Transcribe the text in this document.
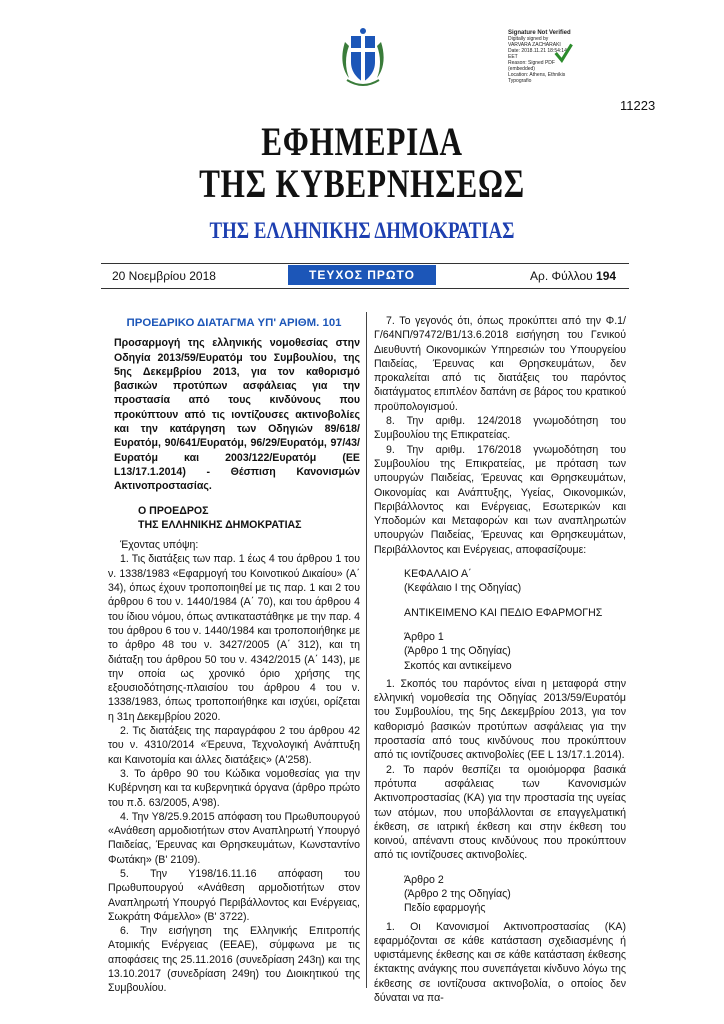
Signature Not Verified
Digitally signed by
VARVARA ZACHARAKI
Date: 2018.11.21 18:54:14
EET
Reason: Signed PDF
(embedded)
Location: Athens, Ethnikis
Typografio
11223
ΕΦΗΜΕΡΙΔΑ
ΤΗΣ ΚΥΒΕΡΝΗΣΕΩΣ
ΤΗΣ ΕΛΛΗΝΙΚΗΣ ΔΗΜΟΚΡΑΤΙΑΣ
20 Νοεμβρίου 2018	ΤΕΥΧΟΣ ΠΡΩΤΟ	Αρ. Φύλλου 194
ΠΡΟΕΔΡΙΚΟ ΔΙΑΤΑΓΜΑ ΥΠ' ΑΡΙΘΜ. 101
Προσαρμογή της ελληνικής νομοθεσίας στην Οδηγία 2013/59/Ευρατόμ του Συμβουλίου, της 5ης Δεκεμβρίου 2013, για τον καθορισμό βασικών προτύπων ασφάλειας για την προστασία από τους κινδύνους που προκύπτουν από τις ιοντίζουσες ακτινοβολίες και την κατάργηση των Οδηγιών 89/618/Ευρατόμ, 90/641/Ευρατόμ, 96/29/Ευρατόμ, 97/43/Ευρατόμ και 2003/122/Ευρατόμ (EE L13/17.1.2014) - Θέσπιση Κανονισμών Ακτινοπροστασίας.
Ο ΠΡΟΕΔΡΟΣ
ΤΗΣ ΕΛΛΗΝΙΚΗΣ ΔΗΜΟΚΡΑΤΙΑΣ

Έχοντας υπόψη:

1. Τις διατάξεις των παρ. 1 έως 4 του άρθρου 1 του ν. 1338/1983 «Εφαρμογή του Κοινοτικού Δικαίου» (Α΄ 34), όπως έχουν τροποποιηθεί με τις παρ. 1 και 2 του άρθρου 6 του ν. 1440/1984 (Α΄ 70), και του άρθρου 4 του ίδιου νόμου, όπως αντικαταστάθηκε με την παρ. 4 του άρθρου 6 του ν. 1440/1984 και τροποποιήθηκε με το άρθρο 48 του ν. 3427/2005 (Α΄ 312), και τη διάταξη του άρθρου 50 του ν. 4342/2015 (Α΄ 143), με την οποία ως χρονικό όριο χρήσης της εξουσιοδότησης-πλαισίου του άρθρου 4 του ν. 1338/1983, όπως τροποποιήθηκε και ισχύει, ορίζεται η 31η Δεκεμβρίου 2020.

2. Τις διατάξεις της παραγράφου 2 του άρθρου 42 του ν. 4310/2014 «Έρευνα, Τεχνολογική Ανάπτυξη και Καινοτομία και άλλες διατάξεις» (Α'258).

3. Το άρθρο 90 του Κώδικα νομοθεσίας για την Κυβέρνηση και τα κυβερνητικά όργανα (άρθρο πρώτο του π.δ. 63/2005, Α'98).

4. Την Υ8/25.9.2015 απόφαση του Πρωθυπουργού «Ανάθεση αρμοδιοτήτων στον Αναπληρωτή Υπουργό Παιδείας, Έρευνας και Θρησκευμάτων, Κωνσταντίνο Φωτάκη» (Β' 2109).

5. Την Υ198/16.11.16 απόφαση του Πρωθυπουργού «Ανάθεση αρμοδιοτήτων στον Αναπληρωτή Υπουργό Περιβάλλοντος και Ενέργειας, Σωκράτη Φάμελλο» (Β' 3722).

6. Την εισήγηση της Ελληνικής Επιτροπής Ατομικής Ενέργειας (ΕΕΑΕ), σύμφωνα με τις αποφάσεις της 25.11.2016 (συνεδρίαση 243η) και της 13.10.2017 (συνεδρίαση 249η) του Διοικητικού της Συμβουλίου.

7. Το γεγονός ότι, όπως προκύπτει από την Φ.1/Γ/64ΝΠ/97472/Β1/13.6.2018 εισήγηση του Γενικού Διευθυντή Οικονομικών Υπηρεσιών του Υπουργείου Παιδείας, Έρευνας και Θρησκευμάτων, δεν προκαλείται από τις διατάξεις του παρόντος διατάγματος επιπλέον δαπάνη σε βάρος του κρατικού προϋπολογισμού.

8. Την αριθμ. 124/2018 γνωμοδότηση του Συμβουλίου της Επικρατείας.

9. Την αριθμ. 176/2018 γνωμοδότηση του Συμβουλίου της Επικρατείας, με πρόταση των υπουργών Παιδείας, Έρευνας και Θρησκευμάτων, Οικονομίας και Ανάπτυξης, Υγείας, Οικονομικών, Περιβάλλοντος και Ενέργειας, Εσωτερικών και Υποδομών και Μεταφορών και των αναπληρωτών υπουργών Παιδείας, Έρευνας και Θρησκευμάτων, Περιβάλλοντος και Ενέργειας, αποφασίζουμε:

ΚΕΦΑΛΑΙΟ Α΄
(Κεφάλαιο Ι της Οδηγίας)
ΑΝΤΙΚΕΙΜΕΝΟ ΚΑΙ ΠΕΔΙΟ ΕΦΑΡΜΟΓΗΣ
Άρθρο 1
(Άρθρο 1 της Οδηγίας)
Σκοπός και αντικείμενο

1. Σκοπός του παρόντος είναι η μεταφορά στην ελληνική νομοθεσία της Οδηγίας 2013/59/Ευρατόμ του Συμβουλίου, της 5ης Δεκεμβρίου 2013, για τον καθορισμό βασικών προτύπων ασφάλειας για την προστασία από τους κινδύνους που προκύπτουν από τις ιοντίζουσες ακτινοβολίες (EE L 13/17.1.2014).

2. Το παρόν θεσπίζει τα ομοιόμορφα βασικά πρότυπα ασφάλειας των Κανονισμών Ακτινοπροστασίας (ΚΑ) για την προστασία της υγείας των ατόμων, που υποβάλλονται σε επαγγελματική έκθεση, σε ιατρική έκθεση και στην έκθεση του κοινού, απέναντι στους κινδύνους που προκύπτουν από τις ιοντίζουσες ακτινοβολίες.

Άρθρο 2
(Άρθρο 2 της Οδηγίας)
Πεδίο εφαρμογής

1. Οι Κανονισμοί Ακτινοπροστασίας (ΚΑ) εφαρμόζονται σε κάθε κατάσταση σχεδιασμένης ή υφιστάμενης έκθεσης και σε κάθε κατάσταση έκθεσης έκτακτης ανάγκης που συνεπάγεται κίνδυνο λόγω της έκθεσης σε ιοντίζουσα ακτινοβολία, ο οποίος δεν δύναται να πα-
